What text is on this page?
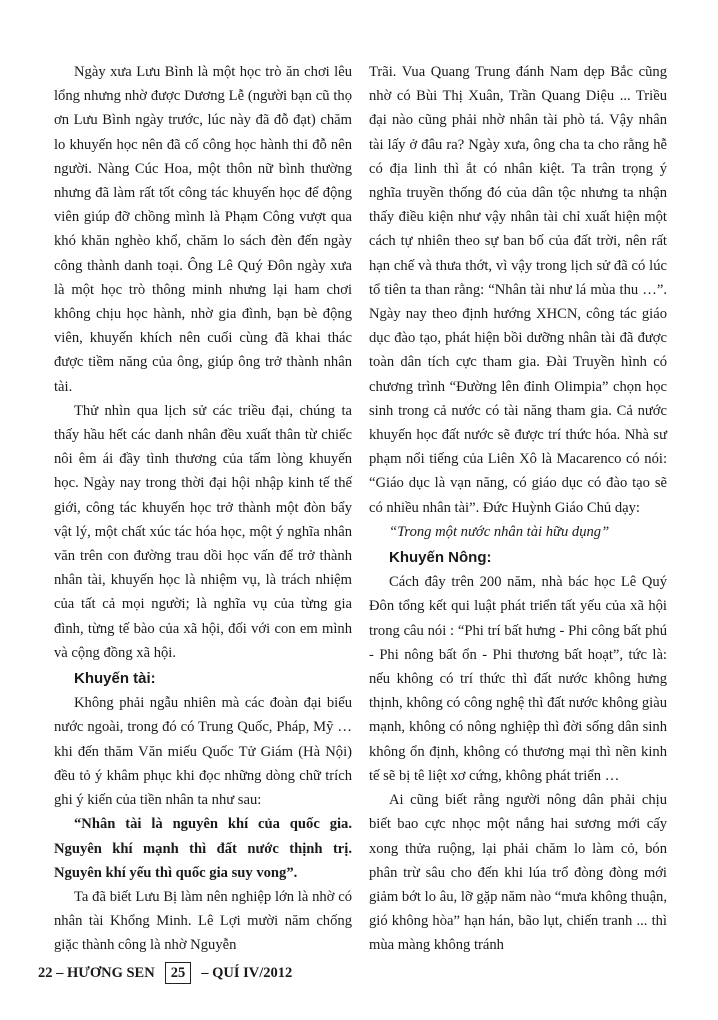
Ngày xưa Lưu Bình là một học trò ăn chơi lêu lổng nhưng nhờ được Dương Lễ (người bạn cũ thọ ơn Lưu Bình ngày trước, lúc này đã đỗ đạt) chăm lo khuyến học nên đã cố công học hành thi đỗ nên người. Nàng Cúc Hoa, một thôn nữ bình thường nhưng đã làm rất tốt công tác khuyến học để động viên giúp đỡ chồng mình là Phạm Công vượt qua khó khăn nghèo khổ, chăm lo sách đèn đến ngày công thành danh toại. Ông Lê Quý Đôn ngày xưa là một học trò thông minh nhưng lại ham chơi không chịu học hành, nhờ gia đình, bạn bè động viên, khuyến khích nên cuối cùng đã khai thác được tiềm năng của ông, giúp ông trở thành nhân tài.

Thử nhìn qua lịch sử các triều đại, chúng ta thấy hầu hết các danh nhân đều xuất thân từ chiếc nôi êm ái đầy tình thương của tấm lòng khuyến học. Ngày nay trong thời đại hội nhập kinh tế thế giới, công tác khuyến học trở thành một đòn bẩy vật lý, một chất xúc tác hóa học, một ý nghĩa nhân văn trên con đường trau dồi học vấn để trở thành nhân tài, khuyến học là nhiệm vụ, là trách nhiệm của tất cả mọi người; là nghĩa vụ của từng gia đình, từng tế bào của xã hội, đối với con em mình và cộng đồng xã hội.

Khuyến tài:

Không phải ngẫu nhiên mà các đoàn đại biểu nước ngoài, trong đó có Trung Quốc, Pháp, Mỹ … khi đến thăm Văn miếu Quốc Tử Giám (Hà Nội) đều tỏ ý khâm phục khi đọc những dòng chữ trích ghi ý kiến của tiền nhân ta như sau:

“Nhân tài là nguyên khí của quốc gia. Nguyên khí mạnh thì đất nước thịnh trị. Nguyên khí yếu thì quốc gia suy vong”.

Ta đã biết Lưu Bị làm nên nghiệp lớn là nhờ có nhân tài Khổng Minh. Lê Lợi mười năm chống giặc thành công là nhờ Nguyễn

Trãi. Vua Quang Trung đánh Nam dẹp Bắc cũng nhờ có Bùi Thị Xuân, Trần Quang Diệu ... Triều đại nào cũng phải nhờ nhân tài phò tá. Vậy nhân tài lấy ở đâu ra? Ngày xưa, ông cha ta cho rằng hễ có địa linh thì ắt có nhân kiệt. Ta trân trọng ý nghĩa truyền thống đó của dân tộc nhưng ta nhận thấy điều kiện như vậy nhân tài chỉ xuất hiện một cách tự nhiên theo sự ban bố của đất trời, nên rất hạn chế và thưa thớt, vì vậy trong lịch sử đã có lúc tổ tiên ta than rằng: “Nhân tài như lá mùa thu …”. Ngày nay theo định hướng XHCN, công tác giáo dục đào tạo, phát hiện bồi dưỡng nhân tài đã được toàn dân tích cực tham gia. Đài Truyền hình có chương trình “Đường lên đỉnh Olimpia” chọn học sinh trong cả nước có tài năng tham gia. Cả nước khuyến học đất nước sẽ được trí thức hóa. Nhà sư phạm nổi tiếng của Liên Xô là Macarenco có nói: “Giáo dục là vạn năng, có giáo dục có đào tạo sẽ có nhiều nhân tài”. Đức Huỳnh Giáo Chủ dạy:

“Trong một nước nhân tài hữu dụng”

Khuyến Nông:

Cách đây trên 200 năm, nhà bác học Lê Quý Đôn tổng kết qui luật phát triển tất yếu của xã hội trong câu nói : “Phi trí bất hưng - Phi công bất phú - Phi nông bất ổn - Phi thương bất hoạt”, tức là: nếu không có trí thức thì đất nước không hưng thịnh, không có công nghệ thì đất nước không giàu mạnh, không có nông nghiệp thì đời sống dân sinh không ổn định, không có thương mại thì nền kinh tế sẽ bị tê liệt xơ cứng, không phát triển …

Ai cũng biết rằng người nông dân phải chịu biết bao cực nhọc một nắng hai sương mới cấy xong thửa ruộng, lại phải chăm lo làm cỏ, bón phân trừ sâu cho đến khi lúa trổ đòng đòng mới giảm bớt lo âu, lỡ gặp năm nào “mưa không thuận, gió không hòa” hạn hán, bão lụt, chiến tranh ... thì mùa màng không tránh

22
– HƯƠNG SEN	25	– QUÍ IV/2012
